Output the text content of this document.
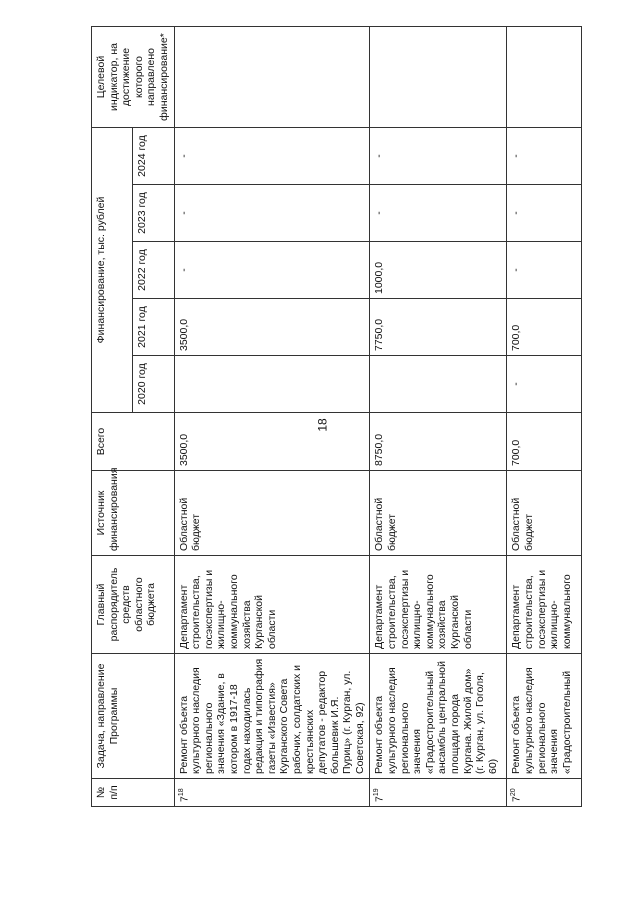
18
№ п/п	Задача, направление Программы	Главный распорядитель средств областного бюджета	Источник финансирования	Всего	Финансирование, тыс. рублей					Целевой индикатор, на достижение которого направлено финансирование*
					2020 год	2021 год	2022 год	2023 год	2024 год	
$7^{18}$	Ремонт объекта культурного наследия регионального значения «Здание, в котором в 1917-18 годах находилась редакция и типография газеты «Известия» Курганского Совета рабочих, солдатских и крестьянских депутатов - редактор большевик И.Я. Пуриц» (г. Курган, ул. Советская, 92)	Департамент строительства, госэкспертизы и жилищно-коммунального хозяйства Курганской области	Областной бюджет	3500,0		3500,0	-	-	-	
$7^{19}$	Ремонт объекта культурного наследия регионального значения «Градостроительный ансамбль центральной площади города Кургана. Жилой дом» (г. Курган, ул. Гоголя, 60)	Департамент строительства, госэкспертизы и жилищно-коммунального хозяйства Курганской области	Областной бюджет	8750,0		7750,0	1000,0	-	-	
$7^{20}$	Ремонт объекта культурного наследия регионального значения «Градостроительный	Департамент строительства, госэкспертизы и жилищно-коммунального	Областной бюджет	700,0	-	700,0	-	-	-	
